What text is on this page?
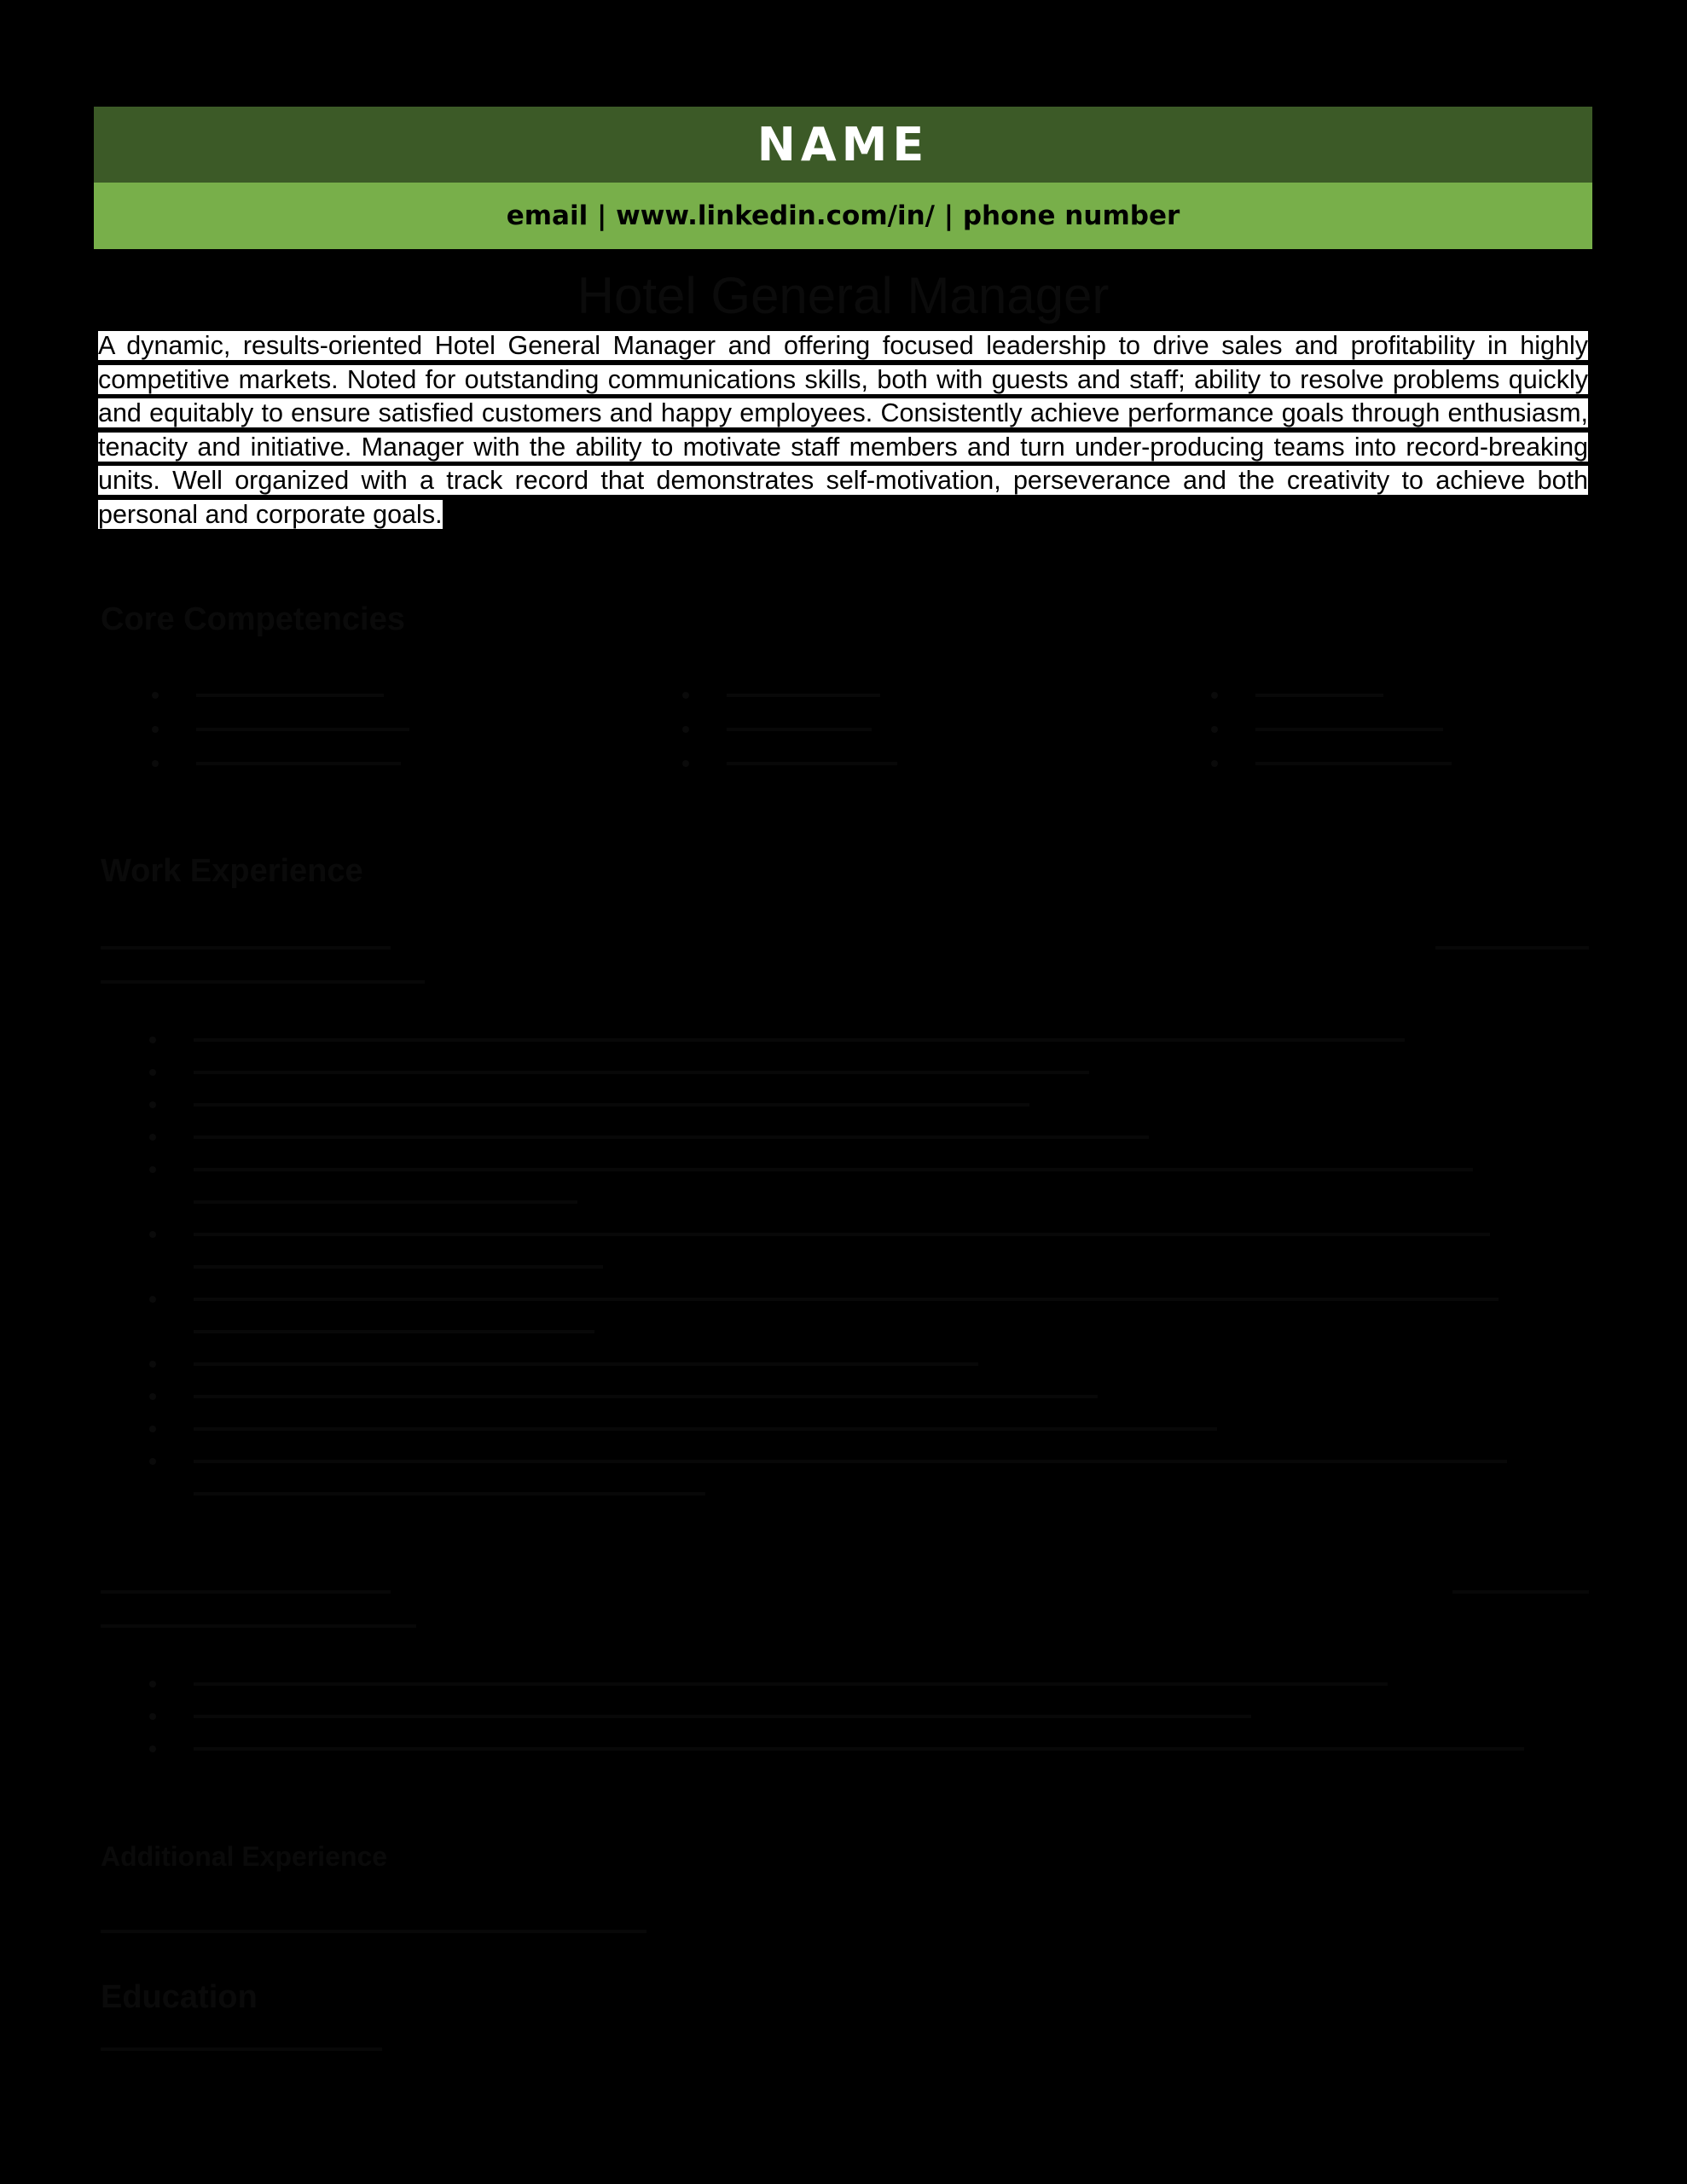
NAME
email | www.linkedin.com/in/ | phone number
Hotel General Manager
A dynamic, results-oriented Hotel General Manager and offering focused leadership to drive sales and profitability in highly competitive markets. Noted for outstanding communications skills, both with guests and staff; ability to resolve problems quickly and equitably to ensure satisfied customers and happy employees. Consistently achieve performance goals through enthusiasm, tenacity and initiative. Manager with the ability to motivate staff members and turn under-producing teams into record-breaking units. Well organized with a track record that demonstrates self-motivation, perseverance and the creativity to achieve both personal and corporate goals.
Core Competencies
Work Experience
Additional Experience
Education
